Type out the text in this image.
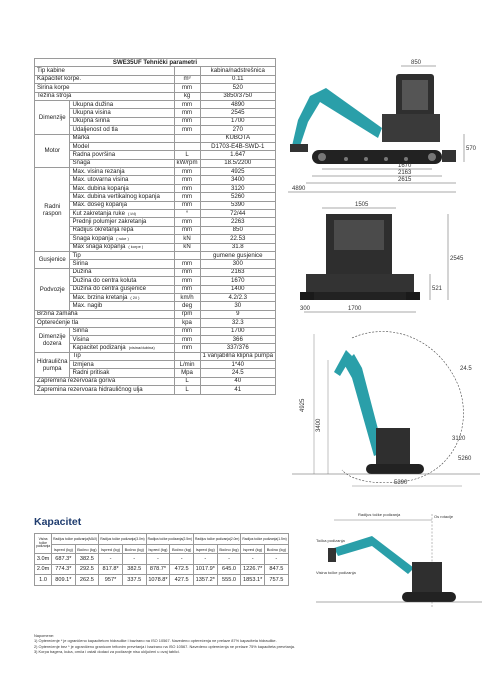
SWE35UF Tehnički parametri			
Tip kabine			kabina/nadstrešnica
Kapacitet korpe.		m³	0.11
Širina korpe		mm	520
Težina stroja		kg	3850/3750
Dimenzije	Ukupna dužina	mm	4890
	Ukupna visina	mm	2545
	Ukupna širina	mm	1700
	Udaljenost od tla	mm	270
Motor	Marka		KUBOTA
	Model		D1703-E4B-SWD-1
	Radna površina	L	1.647
	Snaga	kW/rpm	18.5/2200
Radni raspon	Max. visina rezanja	mm	4925
	Max. utovarna visina	mm	3400
	Max. dubina kopanja	mm	3120
	Max. dubina vertikalnog kopanja	mm	5260
	Max. doseg kopanja	mm	5390
	Kut zakretanja ruke ( l/d)	°	72/44
	Prednji polumjer zakretanja	mm	2263
	Radijus okretanja repa	mm	850
	Snaga kopanja ( ruke )	kN	22.53
	Max snaga kopanja ( korpe )	kN	31.8
Gusjenice	Tip		gumene gusjenice
	Širina	mm	300
Podvozje	Dužina	mm	2163
	Dužina do centra koluta	mm	1670
	Dužina do centra gusjenice	mm	1400
	Max. brzina kretanja ( 2/l )	km/h	4.2/2.3
	Max. nagib	deg	30
Brzina zamaha		rpm	9
Opterećenje tla		kpa	32.3
Dimenzije dozera	Širina	mm	1700
	Visina	mm	366
	Kapacitet podizanja (visina/dubina)	mm	337/376
Hidraulična pumpa	Tip		1 varijabilna klipna pumpa
	Izmjena	L/min	1*40
	Radni pritisak	Mpa	24.5
Zapremina rezervoara goriva		L	40
Zapremina rezervoara hidrauličnog ulja		L	41
850
570
1670
2163
2615
4890
1505
2545
521
300	1700
4925
3400
3120
5260
5390
24.5
Kapacitet
Visina točke podizanja	Radijus točke podizanja(MAX)		Radijus točke podizanja(3.0m)		Radijus točke podizanja(2.5m)		Radijus točke podizanja(2.0m)		Radijus točke podizanja(1.5m)	
	Ispred (kg)	Bočno (kg)	Ispred (kg)	Bočno (kg)	Ispred (kg)	Bočno (kg)	Ispred (kg)	Bočno (kg)	Ispred (kg)	Bočno (kg)
3.0m	687.3*	382.5	-	-	-	-	-	-	-	-
2.0m	774.3*	292.5	817.8*	382.5	878.7*	472.5	1017.9*	645.0	1226.7*	847.5
1.0	809.1*	262.5	957*	337.5	1078.8*	427.5	1357.2*	555.0	1853.1*	757.5
Radijus točke podizanja	Os rotacije
Točka podizanja
Visina točke podizanja
Napomene:
1) Opterećenje * je ograničeno kapacitetom hidraulike i bazirano na ISO 10567. Navedeno opterećenja ne prelaze 87% kapaciteta hidraulike.
2) Opterećenje bez * je ograničeno granicom teltonim prevrtanja i bazirano na ISO 10567. Navedeno opterećenja ne prelaze 75% kapaciteta prevrtanja.
3) Korpa bagera, kuka, omča i ostali dodaci za podizanje nisu uključeni u ovaj tablici.
